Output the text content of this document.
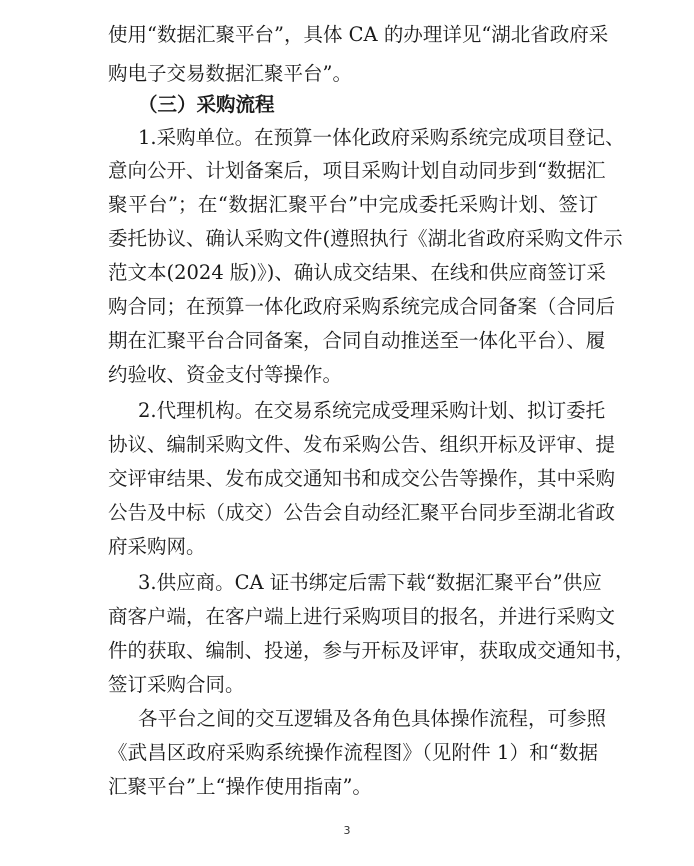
使用“数据汇聚平台”，具体 CA 的办理详见“湖北省政府采
购电子交易数据汇聚平台”。
（三）采购流程
1.采购单位。在预算一体化政府采购系统完成项目登记、
意向公开、计划备案后，项目采购计划自动同步到“数据汇
聚平台”；在“数据汇聚平台”中完成委托采购计划、签订
委托协议、确认采购文件(遵照执行《湖北省政府采购文件示
范文本(2024 版)》)、确认成交结果、在线和供应商签订采
购合同；在预算一体化政府采购系统完成合同备案（合同后
期在汇聚平台合同备案，合同自动推送至一体化平台）、履
约验收、资金支付等操作。
2.代理机构。在交易系统完成受理采购计划、拟订委托
协议、编制采购文件、发布采购公告、组织开标及评审、提
交评审结果、发布成交通知书和成交公告等操作，其中采购
公告及中标（成交）公告会自动经汇聚平台同步至湖北省政
府采购网。
3.供应商。CA 证书绑定后需下载“数据汇聚平台”供应
商客户端，在客户端上进行采购项目的报名，并进行采购文
件的获取、编制、投递，参与开标及评审，获取成交通知书，
签订采购合同。
各平台之间的交互逻辑及各角色具体操作流程，可参照
《武昌区政府采购系统操作流程图》（见附件 1）和“数据
汇聚平台”上“操作使用指南”。
3
